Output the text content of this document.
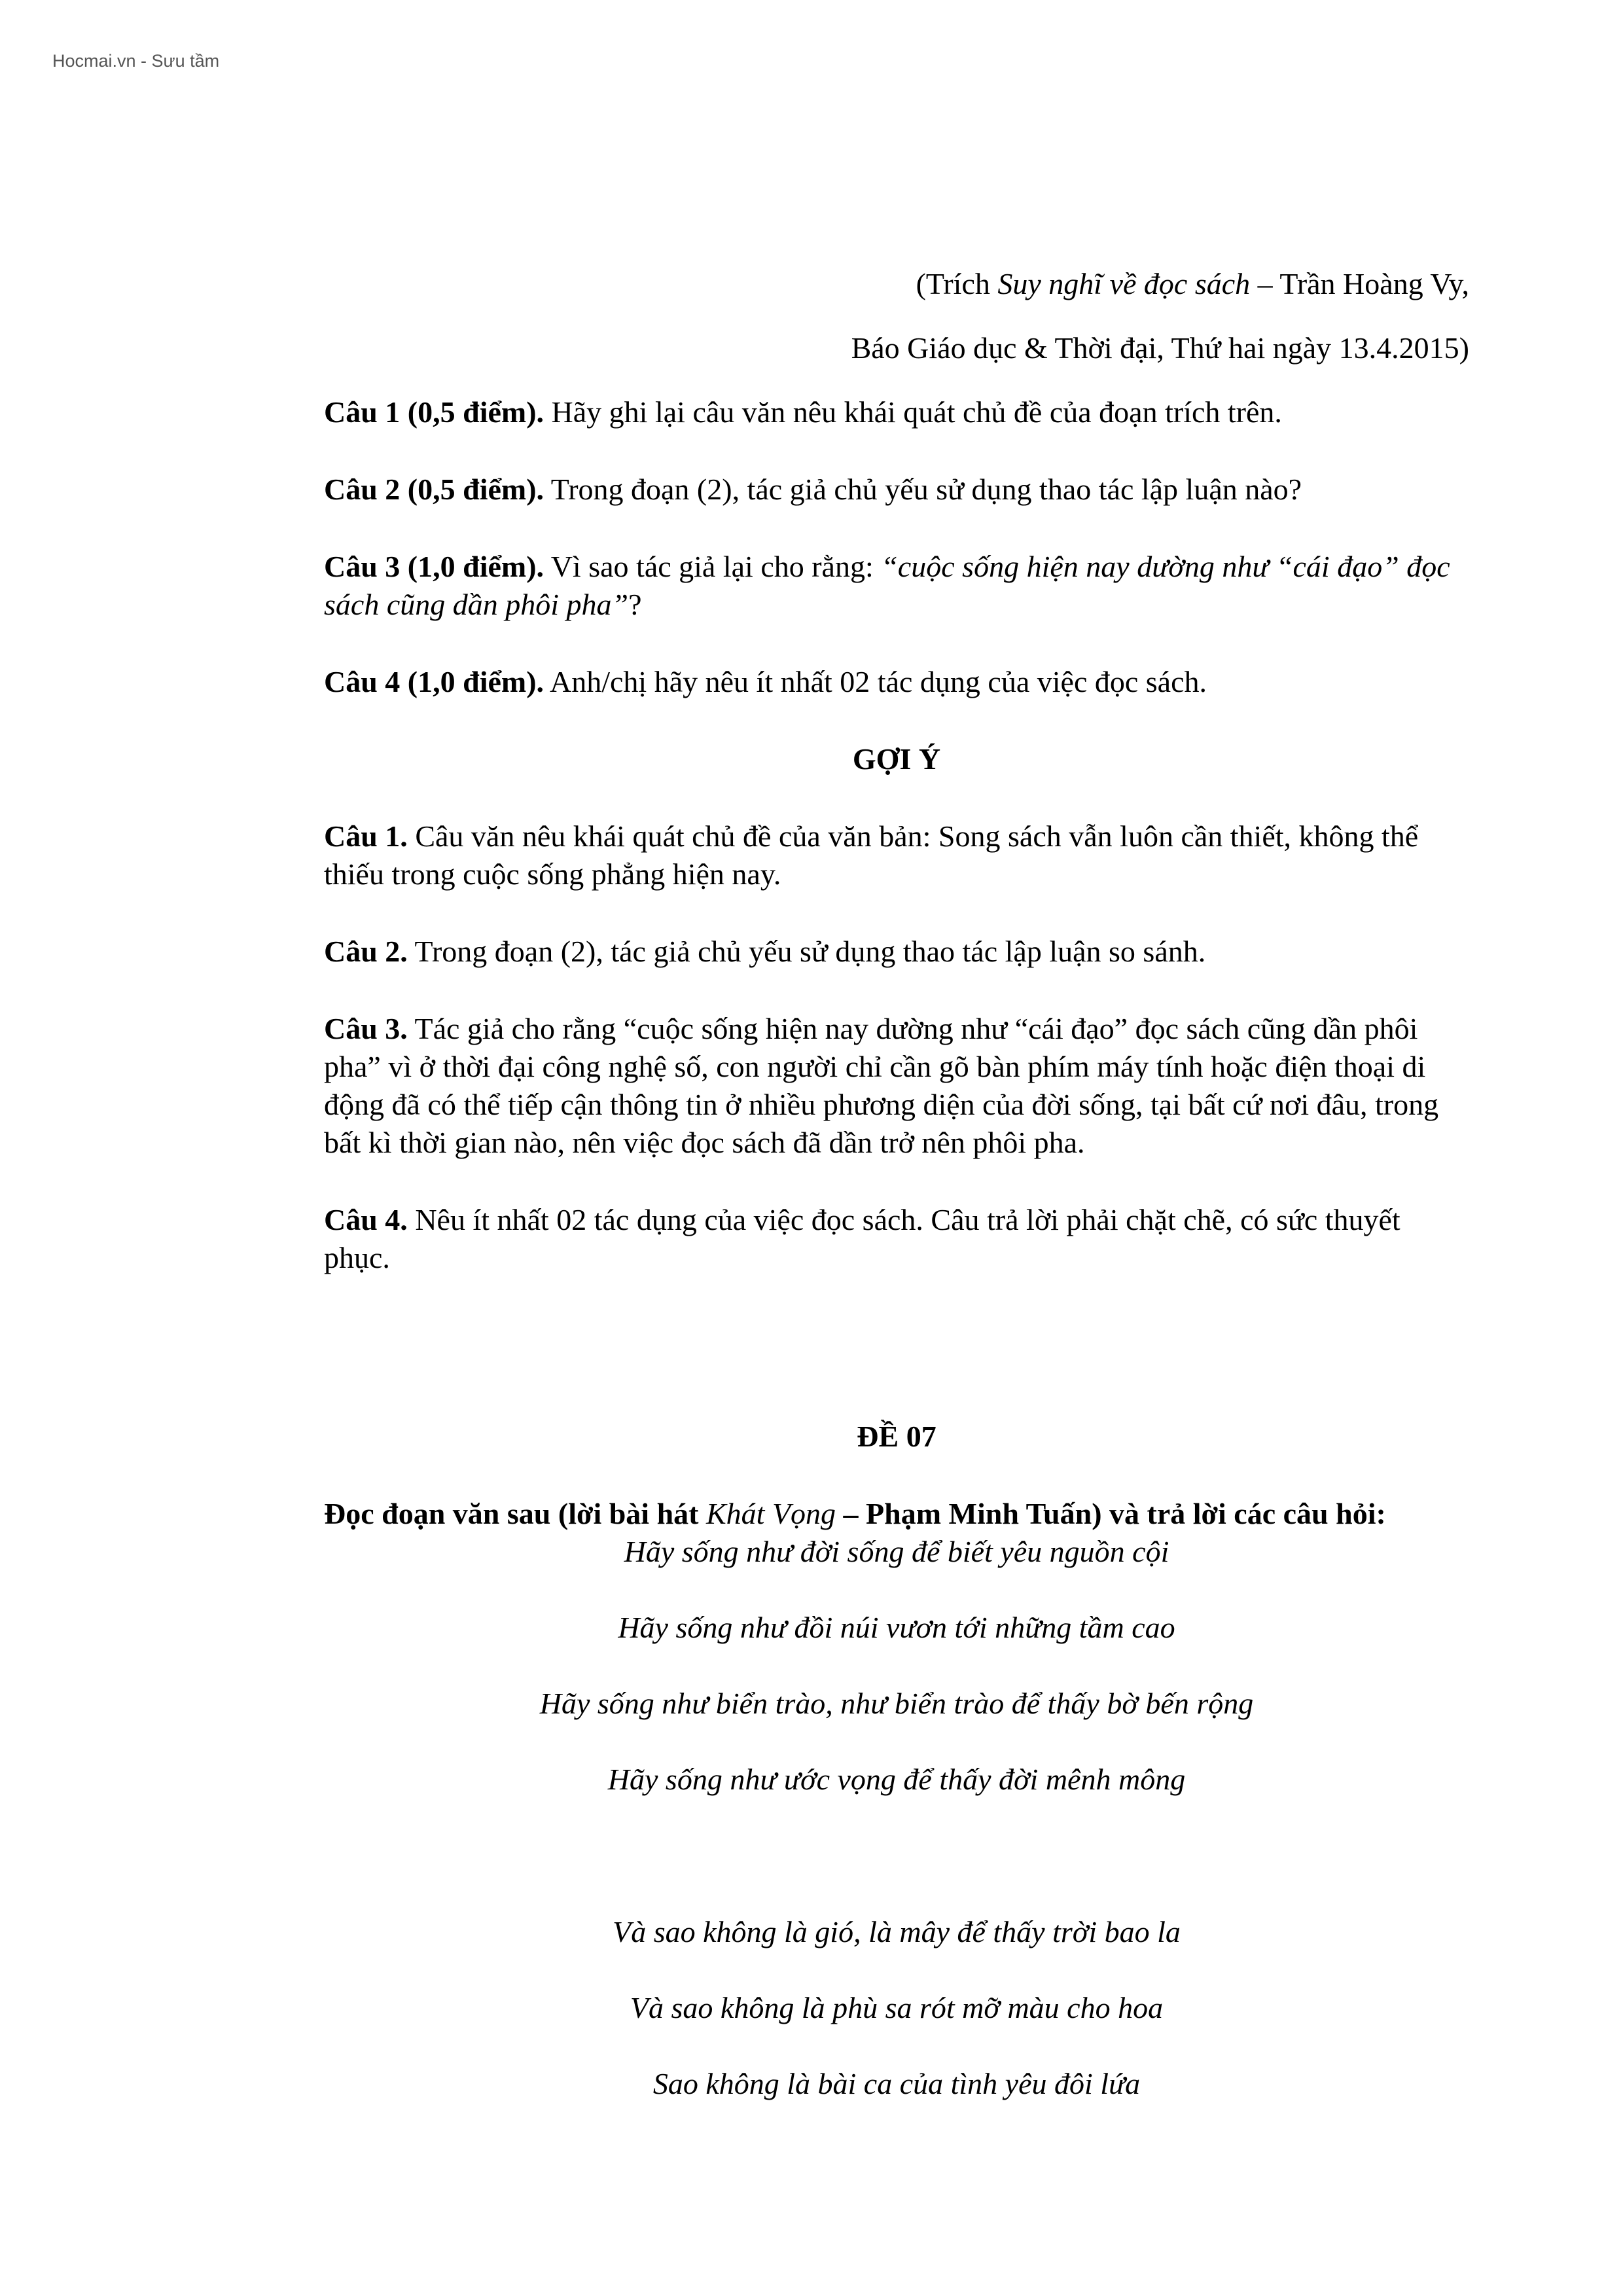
Hocmai.vn - Sưu tầm

(Trích Suy nghĩ về đọc sách – Trần Hoàng Vy,

Báo Giáo dục & Thời đại, Thứ hai ngày 13.4.2015)

Câu 1 (0,5 điểm). Hãy ghi lại câu văn nêu khái quát chủ đề của đoạn trích trên.

Câu 2 (0,5 điểm). Trong đoạn (2), tác giả chủ yếu sử dụng thao tác lập luận nào?

Câu 3 (1,0 điểm). Vì sao tác giả lại cho rằng: “cuộc sống hiện nay dường như “cái đạo” đọc sách cũng dần phôi pha”?

Câu 4 (1,0 điểm). Anh/chị hãy nêu ít nhất 02 tác dụng của việc đọc sách.

GỢI Ý

Câu 1. Câu văn nêu khái quát chủ đề của văn bản: Song sách vẫn luôn cần thiết, không thể thiếu trong cuộc sống phẳng hiện nay.

Câu 2. Trong đoạn (2), tác giả chủ yếu sử dụng thao tác lập luận so sánh.

Câu 3. Tác giả cho rằng “cuộc sống hiện nay dường như “cái đạo” đọc sách cũng dần phôi pha” vì ở thời đại công nghệ số, con người chỉ cần gõ bàn phím máy tính hoặc điện thoại di động đã có thể tiếp cận thông tin ở nhiều phương diện của đời sống, tại bất cứ nơi đâu, trong bất kì thời gian nào, nên việc đọc sách đã dần trở nên phôi pha.

Câu 4. Nêu ít nhất 02 tác dụng của việc đọc sách. Câu trả lời phải chặt chẽ, có sức thuyết phục.

ĐỀ 07

Đọc đoạn văn sau (lời bài hát Khát Vọng – Phạm Minh Tuấn) và trả lời các câu hỏi:

Hãy sống như đời sống để biết yêu nguồn cội

Hãy sống như đồi núi vươn tới những tầm cao

Hãy sống như biển trào, như biển trào để thấy bờ bến rộng

Hãy sống như ước vọng để thấy đời mênh mông

Và sao không là gió, là mây để thấy trời bao la

Và sao không là phù sa rót mỡ màu cho hoa

Sao không là bài ca của tình yêu đôi lứa
